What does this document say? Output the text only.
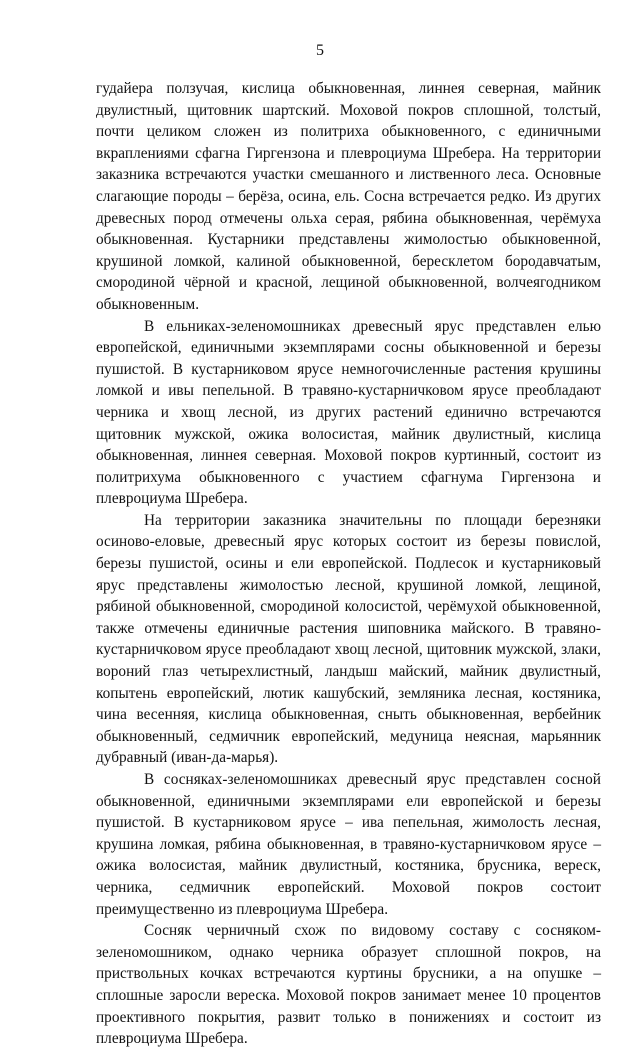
5

гудайера ползучая, кислица обыкновенная, линнея северная, майник двулистный, щитовник шартский. Моховой покров сплошной, толстый, почти целиком сложен из политриха обыкновенного, с единичными вкраплениями сфагна Гиргензона и плевроциума Шребера. На территории заказника встречаются участки смешанного и лиственного леса. Основные слагающие породы – берёза, осина, ель. Сосна встречается редко. Из других древесных пород отмечены ольха серая, рябина обыкновенная, черёмуха обыкновенная. Кустарники представлены жимолостью обыкновенной, крушиной ломкой, калиной обыкновенной, бересклетом бородавчатым, смородиной чёрной и красной, лещиной обыкновенной, волчеягодником обыкновенным.

В ельниках-зеленомошниках древесный ярус представлен елью европейской, единичными экземплярами сосны обыкновенной и березы пушистой. В кустарниковом ярусе немногочисленные растения крушины ломкой и ивы пепельной. В травяно-кустарничковом ярусе преобладают черника и хвощ лесной, из других растений единично встречаются щитовник мужской, ожика волосистая, майник двулистный, кислица обыкновенная, линнея северная. Моховой покров куртинный, состоит из политрихума обыкновенного с участием сфагнума Гиргензона и плевроциума Шребера.

На территории заказника значительны по площади березняки осиново-еловые, древесный ярус которых состоит из березы повислой, березы пушистой, осины и ели европейской. Подлесок и кустарниковый ярус представлены жимолостью лесной, крушиной ломкой, лещиной, рябиной обыкновенной, смородиной колосистой, черёмухой обыкновенной, также отмечены единичные растения шиповника майского. В травяно-кустарничковом ярусе преобладают хвощ лесной, щитовник мужской, злаки, вороний глаз четырехлистный, ландыш майский, майник двулистный, копытень европейский, лютик кашубский, земляника лесная, костяника, чина весенняя, кислица обыкновенная, сныть обыкновенная, вербейник обыкновенный, седмичник европейский, медуница неясная, марьянник дубравный (иван-да-марья).

В сосняках-зеленомошниках древесный ярус представлен сосной обыкновенной, единичными экземплярами ели европейской и березы пушистой. В кустарниковом ярусе – ива пепельная, жимолость лесная, крушина ломкая, рябина обыкновенная, в травяно-кустарничковом ярусе – ожика волосистая, майник двулистный, костяника, брусника, вереск, черника, седмичник европейский. Моховой покров состоит преимущественно из плевроциума Шребера.

Сосняк черничный схож по видовому составу с сосняком-зеленомошником, однако черника образует сплошной покров, на приствольных кочках встречаются куртины брусники, а на опушке – сплошные заросли вереска. Моховой покров занимает менее 10 процентов проективного покрытия, развит только в понижениях и состоит из плевроциума Шребера.
